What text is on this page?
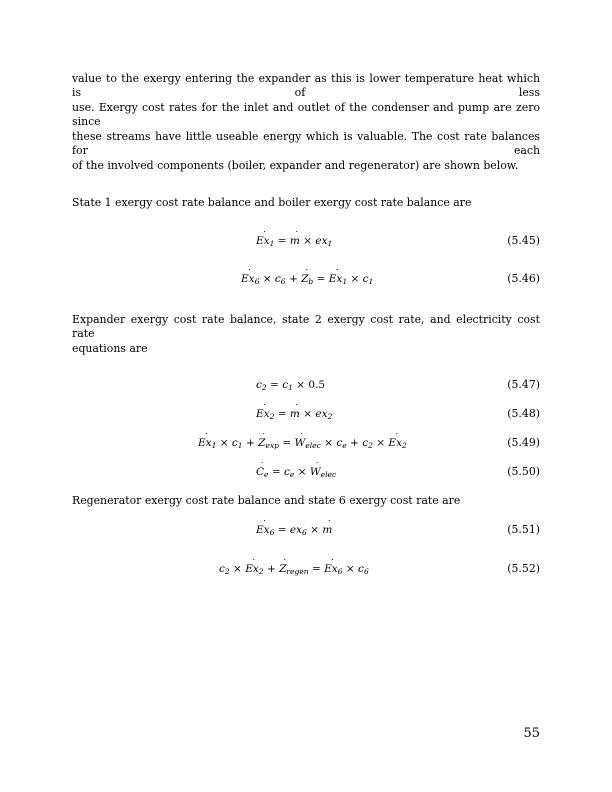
value to the exergy entering the expander as this is lower temperature heat which is of less
use. Exergy cost rates for the inlet and outlet of the condenser and pump are zero since
these streams have little useable energy which is valuable. The cost rate balances for each
of the involved components (boiler, expander and regenerator) are shown below.
State 1 exergy cost rate balance and boiler exergy cost rate balance are
˙ $Ex_1$ = ˙ $m \times ex_1$	(5.45)
˙ $Ex_6 \times c_6$ + ˙ $Z_b$ = ˙ $Ex_1 \times c_1$	(5.46)
Expander exergy cost rate balance, state 2 exergy cost rate, and electricity cost rate
equations are
$c_2 = c_1 \times 0.5$	(5.47)
˙ $Ex_2$ = ˙ $m \times ex_2$	(5.48)
˙ $Ex_1 \times c_1$ + ˙ $Z_{exp}$ = ˙ $W_{elec} \times c_e + c_2$ × ˙ $Ex_2$	(5.49)
˙ $C_e = c_e$ × ˙ $W_{elec}$	(5.50)
Regenerator exergy cost rate balance and state 6 exergy cost rate are
˙ $Ex_6 = ex_6$ × ˙ m	(5.51)
$c_2$ × ˙ $Ex_2$ + ˙ $Z_{regen}$ = ˙ $Ex_6 \times c_6$	(5.52)
55
